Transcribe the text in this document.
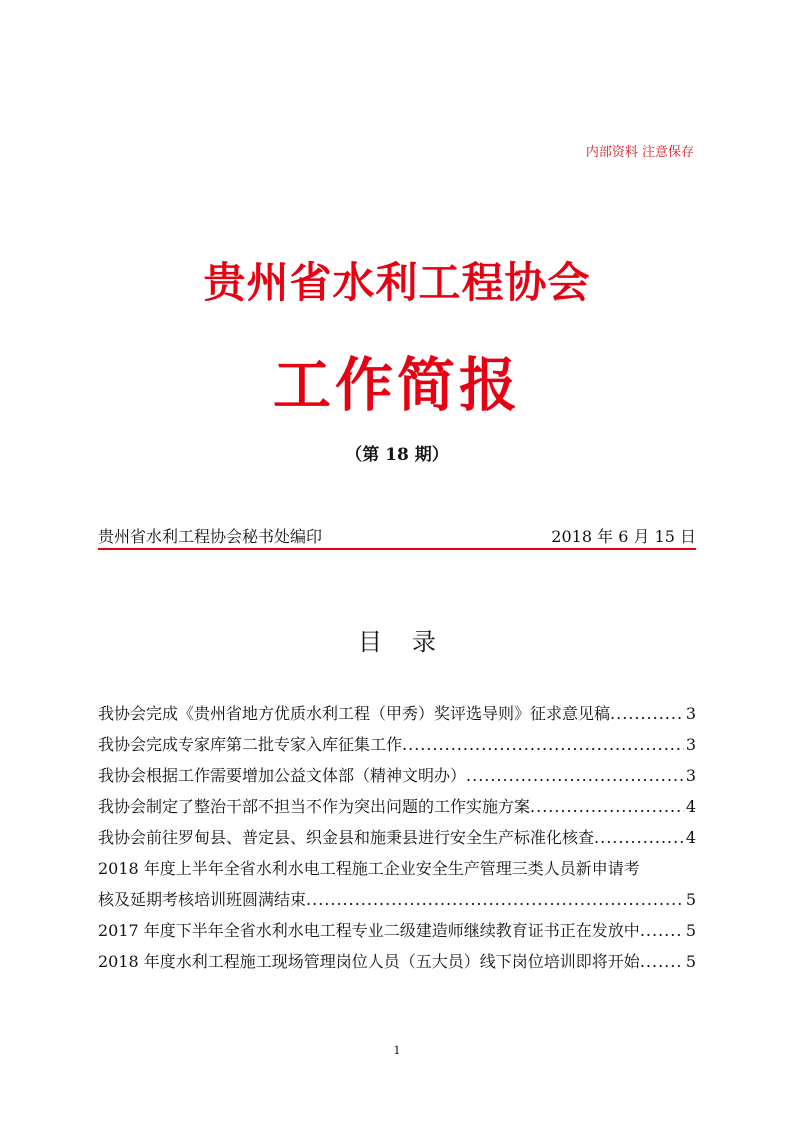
内部资料 注意保存
贵州省水利工程协会
工作简报
（第 18 期）
贵州省水利工程协会秘书处编印	2018 年 6 月 15 日
目录
我协会完成《贵州省地方优质水利工程（甲秀）奖评选导则》征求意见稿 .....	3
我协会完成专家库第二批专家入库征集工作 .....	3
我协会根据工作需要增加公益文体部（精神文明办） .....	3
我协会制定了整治干部不担当不作为突出问题的工作实施方案 .....	4
我协会前往罗甸县、普定县、织金县和施秉县进行安全生产标准化核查 .....	4
2018 年度上半年全省水利水电工程施工企业安全生产管理三类人员新申请考
核及延期考核培训班圆满结束 .....	5
2017 年度下半年全省水利水电工程专业二级建造师继续教育证书正在发放中 .....	5
2018 年度水利工程施工现场管理岗位人员（五大员）线下岗位培训即将开始 .....	5
1
